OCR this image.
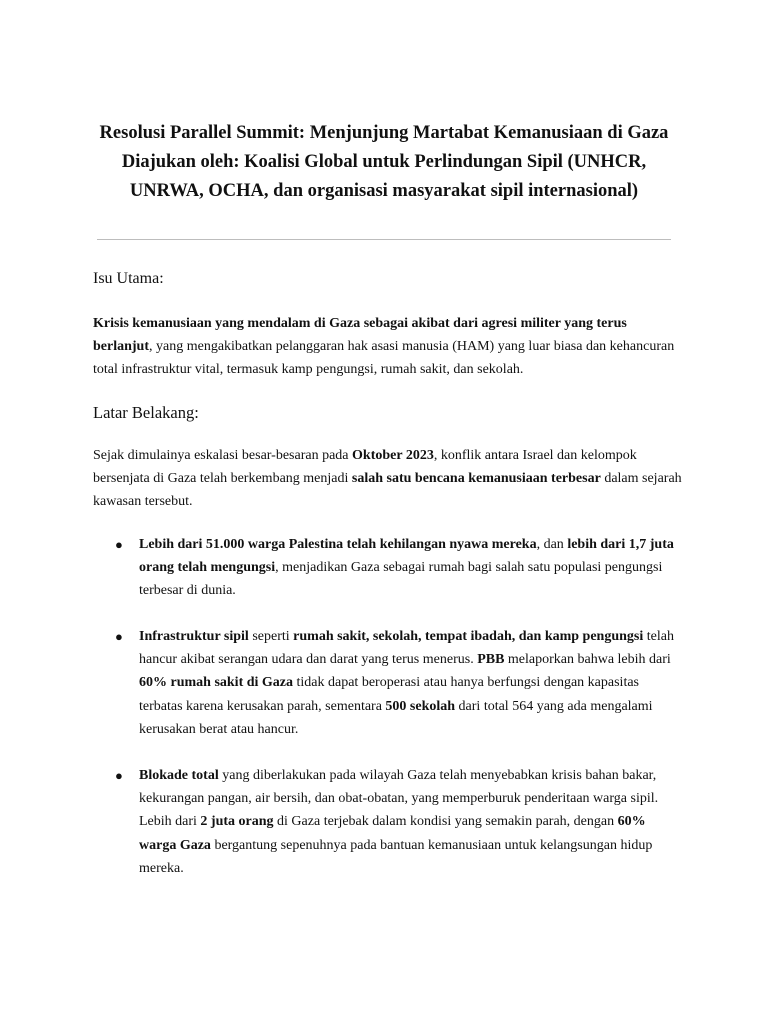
Resolusi Parallel Summit: Menjunjung Martabat Kemanusiaan di Gaza
Diajukan oleh: Koalisi Global untuk Perlindungan Sipil (UNHCR,
UNRWA, OCHA, dan organisasi masyarakat sipil internasional)
Isu Utama:

Krisis kemanusiaan yang mendalam di Gaza sebagai akibat dari agresi militer yang terus berlanjut, yang mengakibatkan pelanggaran hak asasi manusia (HAM) yang luar biasa dan kehancuran total infrastruktur vital, termasuk kamp pengungsi, rumah sakit, dan sekolah.

Latar Belakang:

Sejak dimulainya eskalasi besar-besaran pada Oktober 2023, konflik antara Israel dan kelompok bersenjata di Gaza telah berkembang menjadi salah satu bencana kemanusiaan terbesar dalam sejarah kawasan tersebut.

● Lebih dari 51.000 warga Palestina telah kehilangan nyawa mereka, dan lebih dari 1,7 juta orang telah mengungsi, menjadikan Gaza sebagai rumah bagi salah satu populasi pengungsi terbesar di dunia.
● Infrastruktur sipil seperti rumah sakit, sekolah, tempat ibadah, dan kamp pengungsi telah hancur akibat serangan udara dan darat yang terus menerus. PBB melaporkan bahwa lebih dari 60% rumah sakit di Gaza tidak dapat beroperasi atau hanya berfungsi dengan kapasitas terbatas karena kerusakan parah, sementara 500 sekolah dari total 564 yang ada mengalami kerusakan berat atau hancur.
● Blokade total yang diberlakukan pada wilayah Gaza telah menyebabkan krisis bahan bakar, kekurangan pangan, air bersih, dan obat-obatan, yang memperburuk penderitaan warga sipil. Lebih dari 2 juta orang di Gaza terjebak dalam kondisi yang semakin parah, dengan 60% warga Gaza bergantung sepenuhnya pada bantuan kemanusiaan untuk kelangsungan hidup mereka.
